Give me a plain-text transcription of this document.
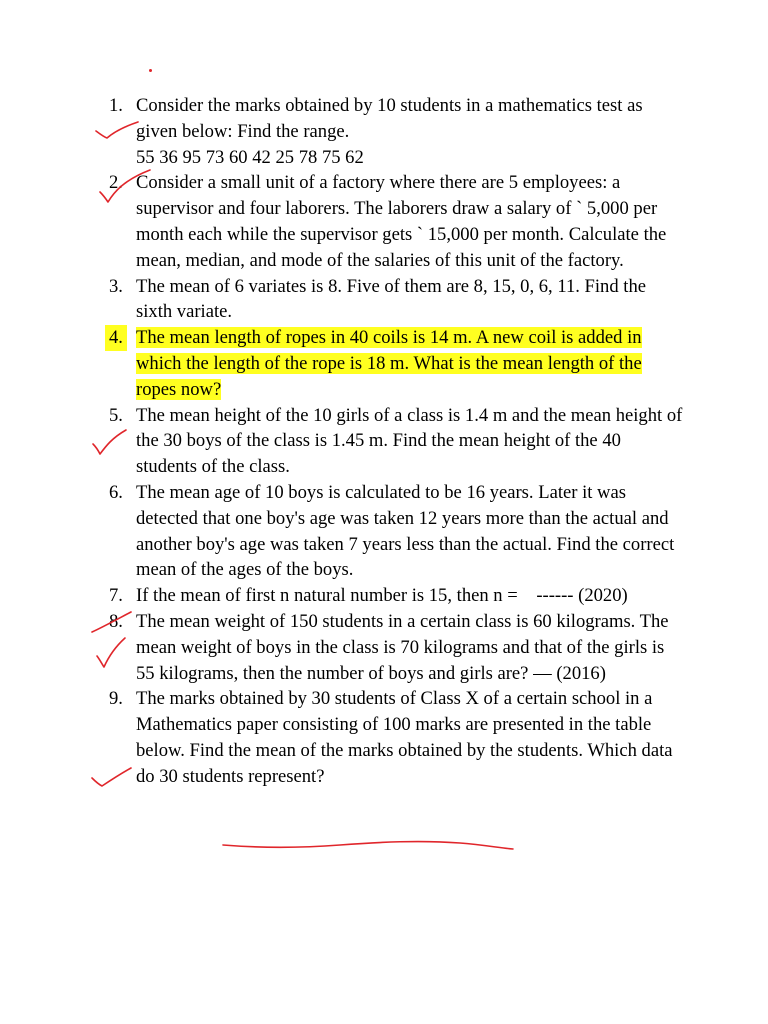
1. Consider the marks obtained by 10 students in a mathematics test as given below: Find the range.
55 36 95 73 60 42 25 78 75 62
2. Consider a small unit of a factory where there are 5 employees: a supervisor and four laborers. The laborers draw a salary of ` 5,000 per month each while the supervisor gets ` 15,000 per month. Calculate the mean, median, and mode of the salaries of this unit of the factory.
3. The mean of 6 variates is 8. Five of them are 8, 15, 0, 6, 11. Find the sixth variate.
4. The mean length of ropes in 40 coils is 14 m. A new coil is added in which the length of the rope is 18 m. What is the mean length of the ropes now?
5. The mean height of the 10 girls of a class is 1.4 m and the mean height of the 30 boys of the class is 1.45 m. Find the mean height of the 40 students of the class.
6. The mean age of 10 boys is calculated to be 16 years. Later it was detected that one boy's age was taken 12 years more than the actual and another boy's age was taken 7 years less than the actual. Find the correct mean of the ages of the boys.
7. If the mean of first n natural number is 15, then n =    ------ (2020)
8. The mean weight of 150 students in a certain class is 60 kilograms. The mean weight of boys in the class is 70 kilograms and that of the girls is 55 kilograms, then the number of boys and girls are? — (2016)
9. The marks obtained by 30 students of Class X of a certain school in a Mathematics paper consisting of 100 marks are presented in the table below. Find the mean of the marks obtained by the students. Which data do 30 students represent?
